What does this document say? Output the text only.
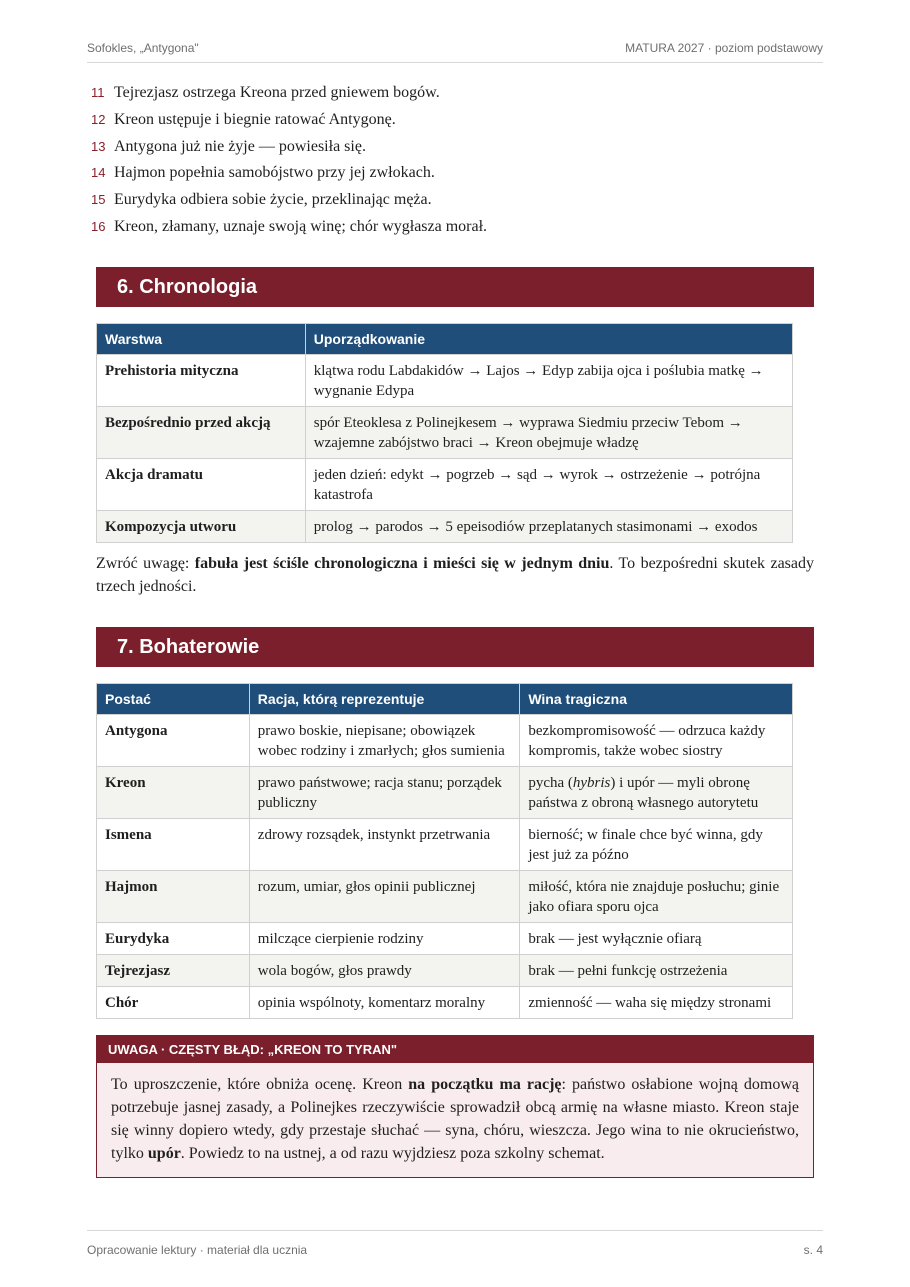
Sofokles, „Antygona"	MATURA 2027 · poziom podstawowy
11 Tejrezjasz ostrzega Kreona przed gniewem bogów.
12 Kreon ustępuje i biegnie ratować Antygonę.
13 Antygona już nie żyje — powiesiła się.
14 Hajmon popełnia samobójstwo przy jej zwłokach.
15 Eurydyka odbiera sobie życie, przeklinając męża.
16 Kreon, złamany, uznaje swoją winę; chór wygłasza morał.
6. Chronologia
Warstwa	Uporządkowanie
Prehistoria mityczna	klątwa rodu Labdakidów → Lajos → Edyp zabija ojca i poślubia matkę → wygnanie Edypa
Bezpośrednio przed akcją	spór Eteoklesa z Polinejkesem → wyprawa Siedmiu przeciw Tebom → wzajemne zabójstwo braci → Kreon obejmuje władzę
Akcja dramatu	jeden dzień: edykt → pogrzeb → sąd → wyrok → ostrzeżenie → potrójna katastrofa
Kompozycja utworu	prolog → parodos → 5 epeisodiów przeplatanych stasimonami → exodos

Zwróć uwagę: fabuła jest ściśle chronologiczna i mieści się w jednym dniu. To bezpośredni skutek zasady trzech jedności.

7. Bohaterowie
Postać	Racja, którą reprezentuje	Wina tragiczna
Antygona	prawo boskie, niepisane; obowiązek wobec rodziny i zmarłych; głos sumienia	bezkompromisowość — odrzuca każdy kompromis, także wobec siostry
Kreon	prawo państwowe; racja stanu; porządek publiczny	pycha (hybris) i upór — myli obronę państwa z obroną własnego autorytetu
Ismena	zdrowy rozsądek, instynkt przetrwania	bierność; w finale chce być winna, gdy jest już za późno
Hajmon	rozum, umiar, głos opinii publicznej	miłość, która nie znajduje posłuchu; ginie jako ofiara sporu ojca
Eurydyka	milczące cierpienie rodziny	brak — jest wyłącznie ofiarą
Tejrezjasz	wola bogów, głos prawdy	brak — pełni funkcję ostrzeżenia
Chór	opinia wspólnoty, komentarz moralny	zmienność — waha się między stronami
UWAGA · CZĘSTY BŁĄD: „KREON TO TYRAN"
To uproszczenie, które obniża ocenę. Kreon na początku ma rację: państwo osłabione wojną domową potrzebuje jasnej zasady, a Polinejkes rzeczywiście sprowadził obcą armię na własne miasto. Kreon staje się winny dopiero wtedy, gdy przestaje słuchać — syna, chóru, wieszcza. Jego wina to nie okrucieństwo, tylko upór. Powiedz to na ustnej, a od razu wyjdziesz poza szkolny schemat.
Opracowanie lektury · materiał dla ucznia	s. 4
